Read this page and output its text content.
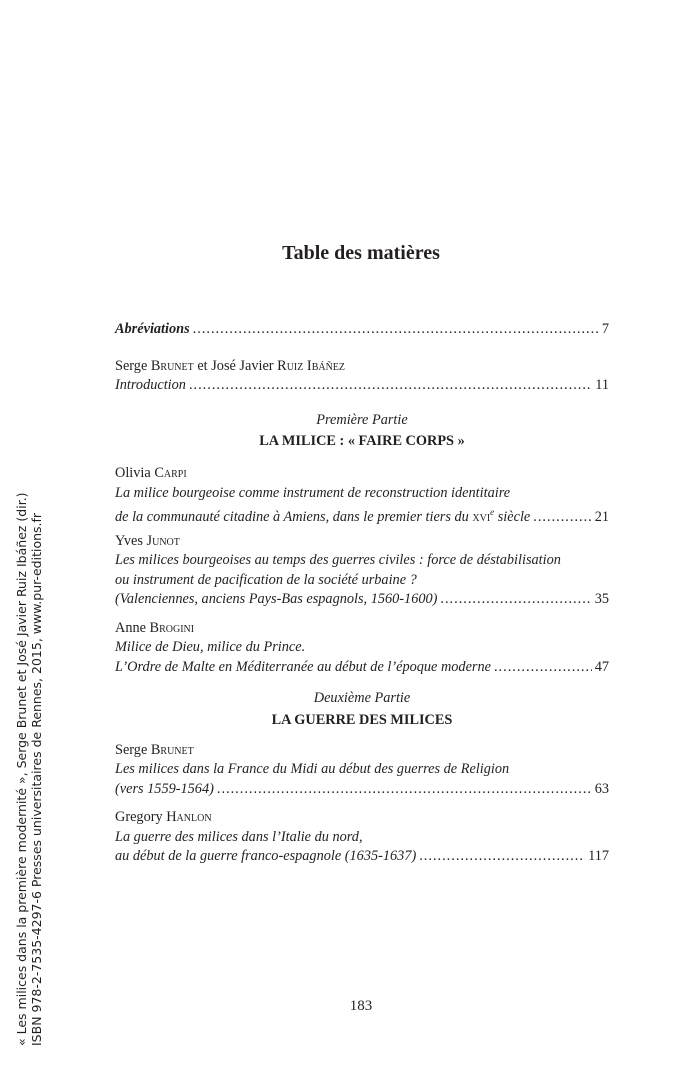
« Les milices dans la première modernité », Serge Brunet et José Javier Ruiz Ibáñez (dir.) ISBN 978-2-7535-4297-6 Presses universitaires de Rennes, 2015, www.pur-editions.fr
Table des matières
Abréviations .....	7
Serge Brunet et José Javier Ruiz Ibáñez
Introduction .....	11
Première Partie
LA MILICE : « FAIRE CORPS »
Olivia Carpi
La milice bourgeoise comme instrument de reconstruction identitaire
de la communauté citadine à Amiens, dans le premier tiers du xvi$^e$ siècle .....	21
Yves Junot
Les milices bourgeoises au temps des guerres civiles : force de déstabilisation
ou instrument de pacification de la société urbaine ?
(Valenciennes, anciens Pays-Bas espagnols, 1560-1600) .....	35
Anne Brogini
Milice de Dieu, milice du Prince.
L’Ordre de Malte en Méditerranée au début de l’époque moderne .....	47
Deuxième Partie
LA GUERRE DES MILICES
Serge Brunet
Les milices dans la France du Midi au début des guerres de Religion
(vers 1559-1564) .....	63
Gregory Hanlon
La guerre des milices dans l’Italie du nord,
au début de la guerre franco-espagnole (1635-1637) .....	117
183
